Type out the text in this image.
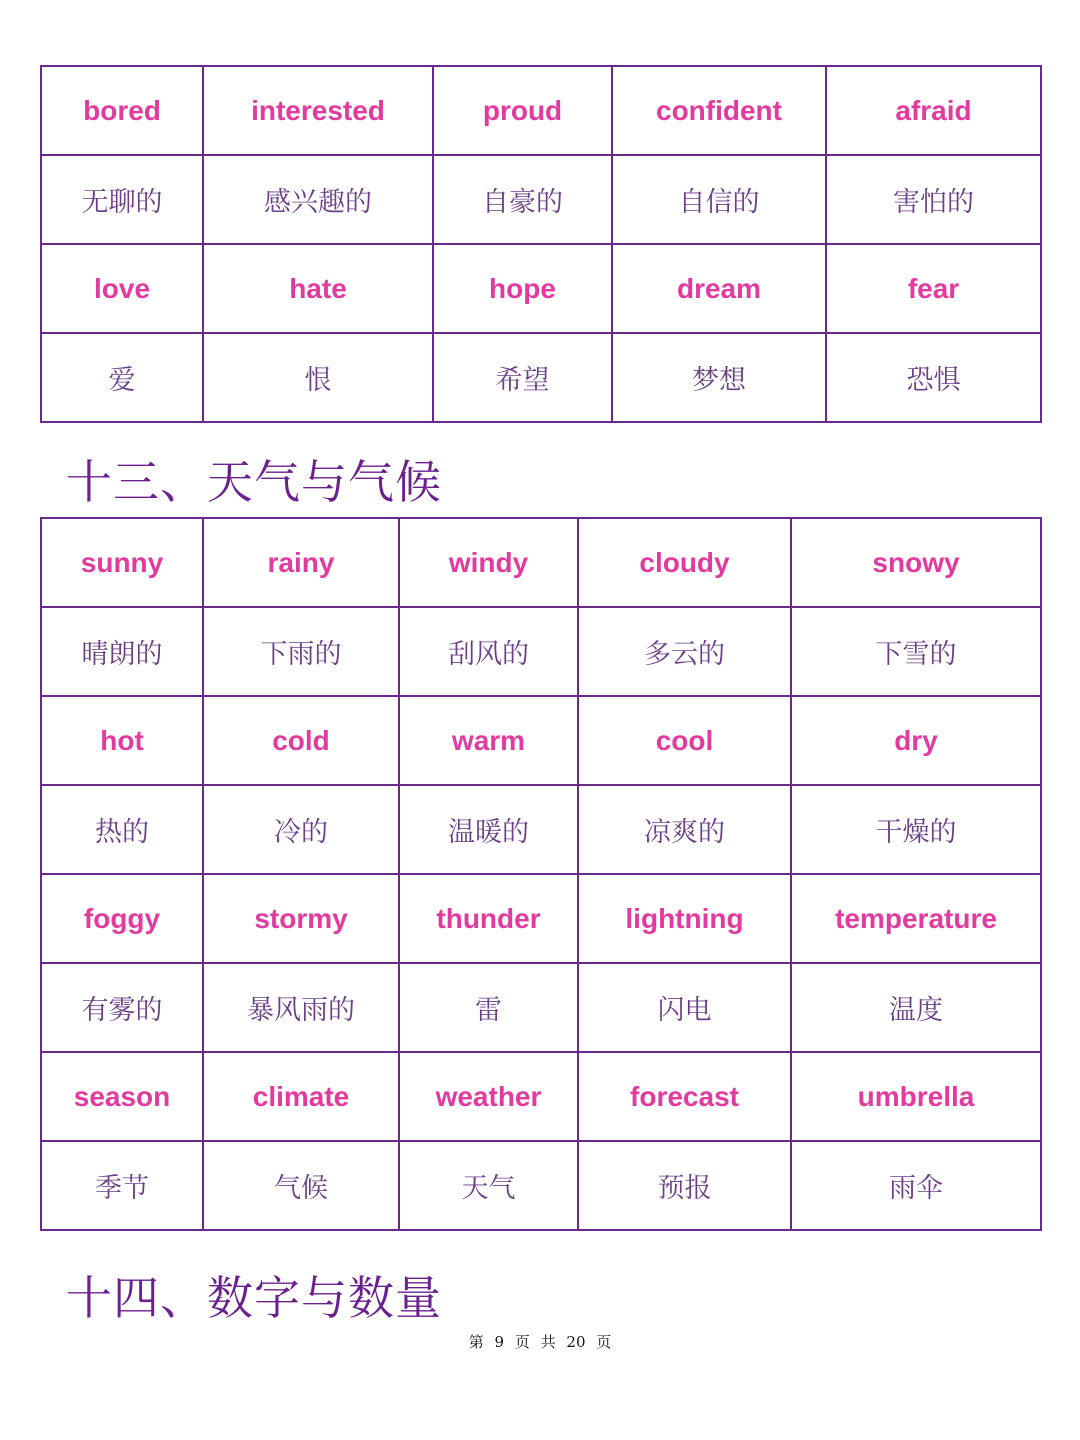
bored	interested	proud	confident	afraid
无聊的	感兴趣的	自豪的	自信的	害怕的
love	hate	hope	dream	fear
爱	恨	希望	梦想	恐惧
十三、天气与气候
sunny	rainy	windy	cloudy	snowy
晴朗的	下雨的	刮风的	多云的	下雪的
hot	cold	warm	cool	dry
热的	冷的	温暖的	凉爽的	干燥的
foggy	stormy	thunder	lightning	temperature
有雾的	暴风雨的	雷	闪电	温度
season	climate	weather	forecast	umbrella
季节	气候	天气	预报	雨伞
十四、数字与数量
第 9 页 共 20 页
